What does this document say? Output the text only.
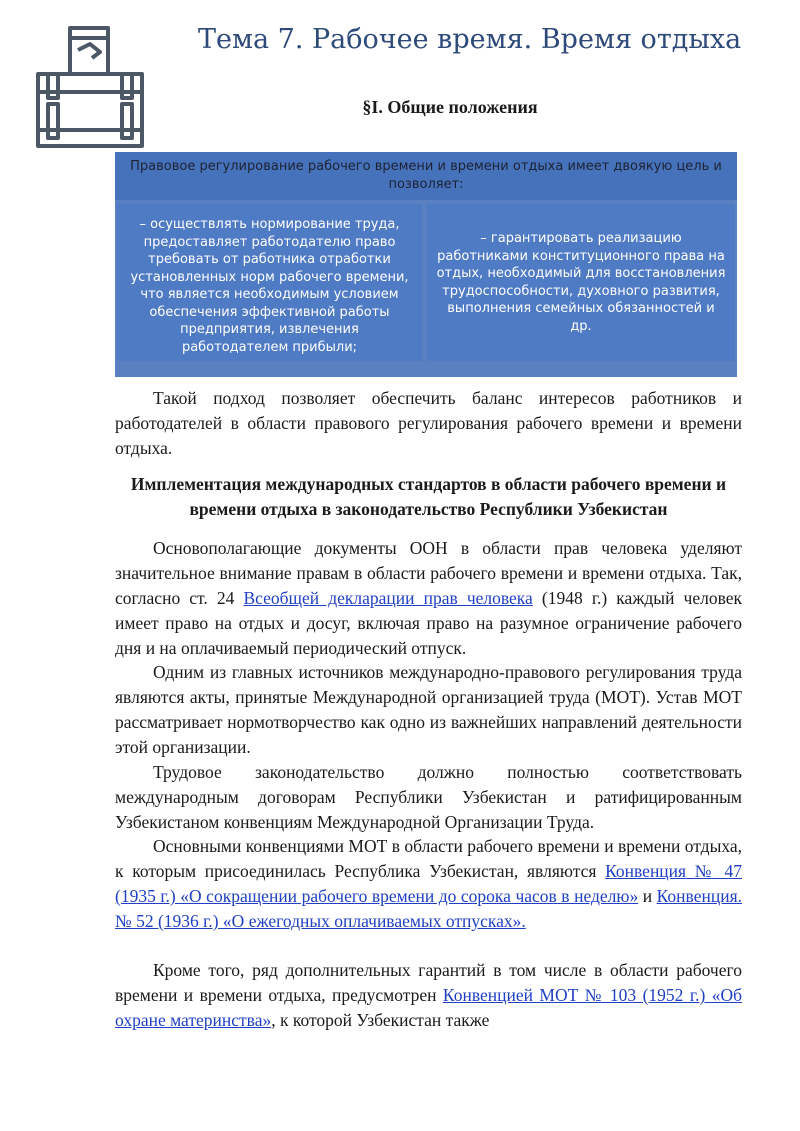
Тема 7. Рабочее время. Время отдыха
§I. Общие положения
Правовое регулирование рабочего времени и времени отдыха имеет двоякую цель и позволяет:
– осуществлять нормирование труда, предоставляет работодателю право требовать от работника отработки установленных норм рабочего времени, что является необходимым условием обеспечения эффективной работы предприятия, извлечения работодателем прибыли;
– гарантировать реализацию работниками конституционного права на отдых, необходимый для восстановления трудоспособности, духовного развития, выполнения семейных обязанностей и др.

Такой подход позволяет обеспечить баланс интересов работников и работодателей в области правового регулирования рабочего времени и времени отдыха.

Имплементация международных стандартов в области рабочего времени и времени отдыха в законодательство Республики Узбекистан

Основополагающие документы ООН в области прав человека уделяют значительное внимание правам в области рабочего времени и времени отдыха. Так, согласно ст. 24 Всеобщей декларации прав человека (1948 г.) каждый человек имеет право на отдых и досуг, включая право на разумное ограничение рабочего дня и на оплачиваемый периодический отпуск.

Одним из главных источников международно-правового регулирования труда являются акты, принятые Международной организацией труда (МОТ). Устав МОТ рассматривает нормотворчество как одно из важнейших направлений деятельности этой организации.

Трудовое законодательство должно полностью соответствовать международным договорам Республики Узбекистан и ратифицированным Узбекистаном конвенциям Международной Организации Труда.

Основными конвенциями МОТ в области рабочего времени и времени отдыха, к которым присоединилась Республика Узбекистан, являются Конвенция № 47 (1935 г.) «О сокращении рабочего времени до сорока часов в неделю» и Конвенция. № 52 (1936 г.) «О ежегодных оплачиваемых отпусках».

Кроме того, ряд дополнительных гарантий в том числе в области рабочего времени и времени отдыха, предусмотрен Конвенцией МОТ № 103 (1952 г.) «Об охране материнства», к которой Узбекистан также
